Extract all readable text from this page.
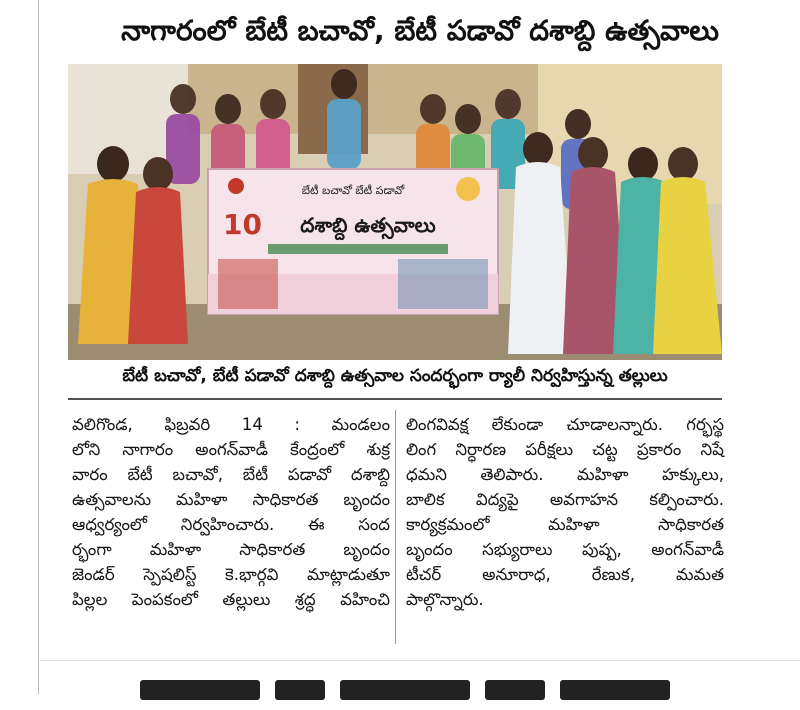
నాగారంలో బేటీ బచావో, బేటీ పడావో దశాబ్ది ఉత్సవాలు
బేటీ బచావో బేటీ పడావో
10 దశాబ్ది ఉత్సవాలు
బేటీ బచావో, బేటీ పడావో దశాబ్ది ఉత్సవాల సందర్భంగా ర్యాలీ నిర్వహిస్తున్న తల్లులు
వలిగొండ, ఫిబ్రవరి 14 : మండలం
లోని నాగారం అంగన్‌వాడీ కేంద్రంలో శుక్ర
వారం బేటీ బచావో, బేటీ పడావో దశాబ్ది
ఉత్సవాలను మహిళా సాధికారత బృందం
ఆధ్వర్యంలో నిర్వహించారు. ఈ సంద
ర్భంగా మహిళా సాధికారత బృందం
జెండర్ స్పెషలిస్ట్ కె.భార్గవి మాట్లాడుతూ
పిల్లల పెంపకంలో తల్లులు శ్రద్ధ వహించి
లింగవివక్ష లేకుండా చూడాలన్నారు. గర్భస్థ
లింగ నిర్ధారణ పరీక్షలు చట్ట ప్రకారం నిషే
ధమని తెలిపారు. మహిళా హక్కులు,
బాలిక విద్యపై అవగాహన కల్పించారు.
కార్యక్రమంలో మహిళా సాధికారత
బృందం సభ్యురాలు పుష్ప, అంగన్‌వాడీ
టీచర్ అనూరాధ, రేణుక, మమత
పాల్గొన్నారు.
